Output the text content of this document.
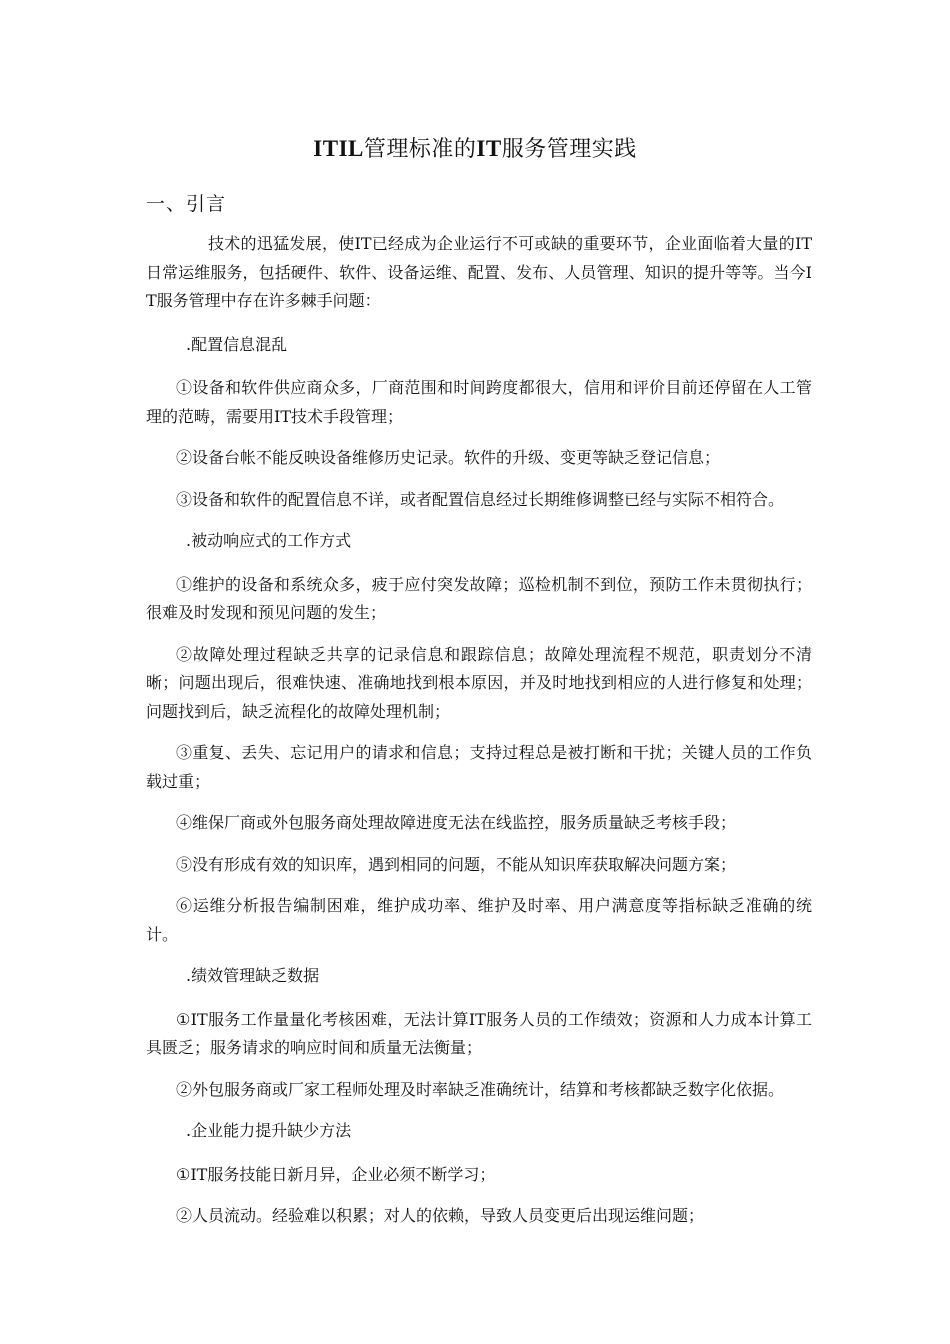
ITIL管理标准的IT服务管理实践
一、引言

技术的迅猛发展，使IT已经成为企业运行不可或缺的重要环节，企业面临着大量的IT日常运维服务，包括硬件、软件、设备运维、配置、发布、人员管理、知识的提升等等。当今IT服务管理中存在许多棘手问题：

.配置信息混乱

①设备和软件供应商众多，厂商范围和时间跨度都很大，信用和评价目前还停留在人工管理的范畴，需要用IT技术手段管理；

②设备台帐不能反映设备维修历史记录。软件的升级、变更等缺乏登记信息；

③设备和软件的配置信息不详，或者配置信息经过长期维修调整已经与实际不相符合。

.被动响应式的工作方式

①维护的设备和系统众多，疲于应付突发故障；巡检机制不到位，预防工作未贯彻执行；很难及时发现和预见问题的发生；

②故障处理过程缺乏共享的记录信息和跟踪信息；故障处理流程不规范，职责划分不清晰；问题出现后，很难快速、准确地找到根本原因，并及时地找到相应的人进行修复和处理；问题找到后，缺乏流程化的故障处理机制；

③重复、丢失、忘记用户的请求和信息；支持过程总是被打断和干扰；关键人员的工作负载过重；

④维保厂商或外包服务商处理故障进度无法在线监控，服务质量缺乏考核手段；

⑤没有形成有效的知识库，遇到相同的问题，不能从知识库获取解决问题方案；

⑥运维分析报告编制困难，维护成功率、维护及时率、用户满意度等指标缺乏准确的统计。

.绩效管理缺乏数据

①IT服务工作量量化考核困难，无法计算IT服务人员的工作绩效；资源和人力成本计算工具匮乏；服务请求的响应时间和质量无法衡量；

②外包服务商或厂家工程师处理及时率缺乏准确统计，结算和考核都缺乏数字化依据。

.企业能力提升缺少方法

①IT服务技能日新月异，企业必须不断学习；

②人员流动。经验难以积累；对人的依赖，导致人员变更后出现运维问题；
